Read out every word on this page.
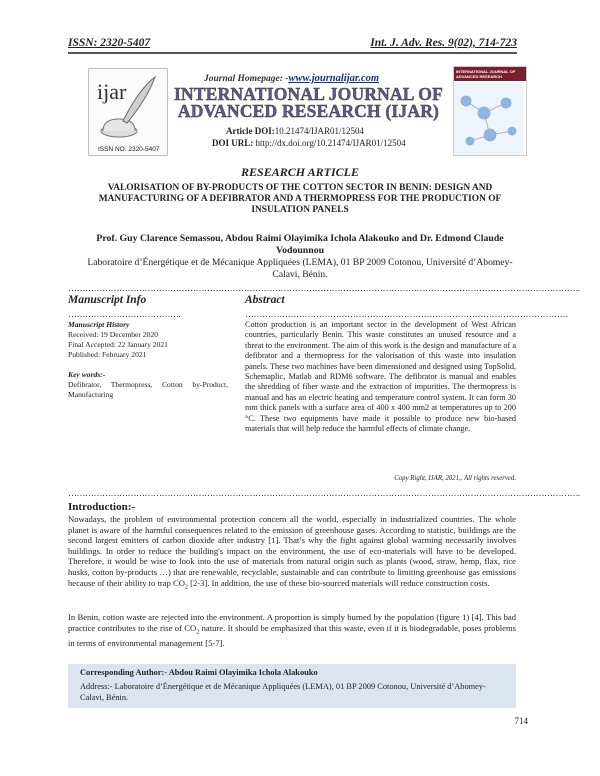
ISSN: 2320-5407	Int. J. Adv. Res. 9(02), 714-723
ijar
ISSN NO. 2320-5407
INTERNATIONAL JOURNAL OF ADVANCED RESEARCH
Journal Homepage: -www.journalijar.com
INTERNATIONAL JOURNAL OF
ADVANCED RESEARCH (IJAR)
Article DOI:10.21474/IJAR01/12504
DOI URL: http://dx.doi.org/10.21474/IJAR01/12504
RESEARCH ARTICLE
VALORISATION OF BY-PRODUCTS OF THE COTTON SECTOR IN BENIN: DESIGN AND MANUFACTURING OF A DEFIBRATOR AND A THERMOPRESS FOR THE PRODUCTION OF INSULATION PANELS
Prof. Guy Clarence Semassou, Abdou Raimi Olayimika Ichola Alakouko and Dr. Edmond Claude Vodounnou
Laboratoire d’Énergétique et de Mécanique Appliquées (LEMA), 01 BP 2009 Cotonou, Université d’Abomey-Calavi, Bénin.
……………………………………………………………………………………………………………………………………………………………….
Manuscript Info
………………………………….
Manuscript History
Received: 19 December 2020
Final Accepted: 22 January 2021
Published: February 2021
Key words:-
Defibrator, Thermopress, Cotton by-Product, Manufacturing
Abstract
……………………………………………………………………………………………………
Cotton production is an important sector in the development of West African countries, particularly Benin. This waste constitutes an unused resource and a threat to the environment. The aim of this work is the design and manufacture of a defibrator and a thermopress for the valorisation of this waste into insulation panels. These two machines have been dimensioned and designed using TopSolid, Schemaplic, Matlab and RDM6 software. The defibrator is manual and enables the shredding of fiber waste and the extraction of impurities. The thermopress is manual and has an electric heating and temperature control system. It can form 30 mm thick panels with a surface area of 400 x 400 mm2 at temperatures up to 200 °C. These two equipments have made it possible to produce new bio-based materials that will help reduce the harmful effects of climate change.
Copy Right, IJAR, 2021,. All rights reserved.
……………………………………………………………………………………………………………………………………………………………….
Introduction:-
Nowadays, the problem of environmental protection concern all the world, especially in industrialized countries. The whole planet is aware of the harmful consequences related to the emission of greenhouse gases. According to statistic, buildings are the second largest emitters of carbon dioxide after industry [1]. That’s why the fight against global warming necessarily involves buildings. In order to reduce the building's impact on the environment, the use of eco-materials will have to be developed. Therefore, it would be wise to look into the use of materials from natural origin such as plants (wood, straw, hemp, flax, rice husks, cotton by-products …) that are renewable, recyclable, sustainable and can contribute to limiting greenhouse gas emissions because of their ability to trap $CO_2$ [2-3]. In addition, the use of these bio-sourced materials will reduce construction costs.
In Benin, cotton waste are rejected into the environment. A proportion is simply burned by the population (figure 1) [4]. This bad practice contributes to the rise of $CO_2$ nature. It should be emphasized that this waste, even if it is biodegradable, poses problems in terms of environmental management [5-7].
Corresponding Author:- Abdou Raimi Olayimika Ichola Alakouko
Address:- Laboratoire d’Énergétique et de Mécanique Appliquées (LEMA), 01 BP 2009 Cotonou, Université d’Abomey-Calavi, Bénin.
714
